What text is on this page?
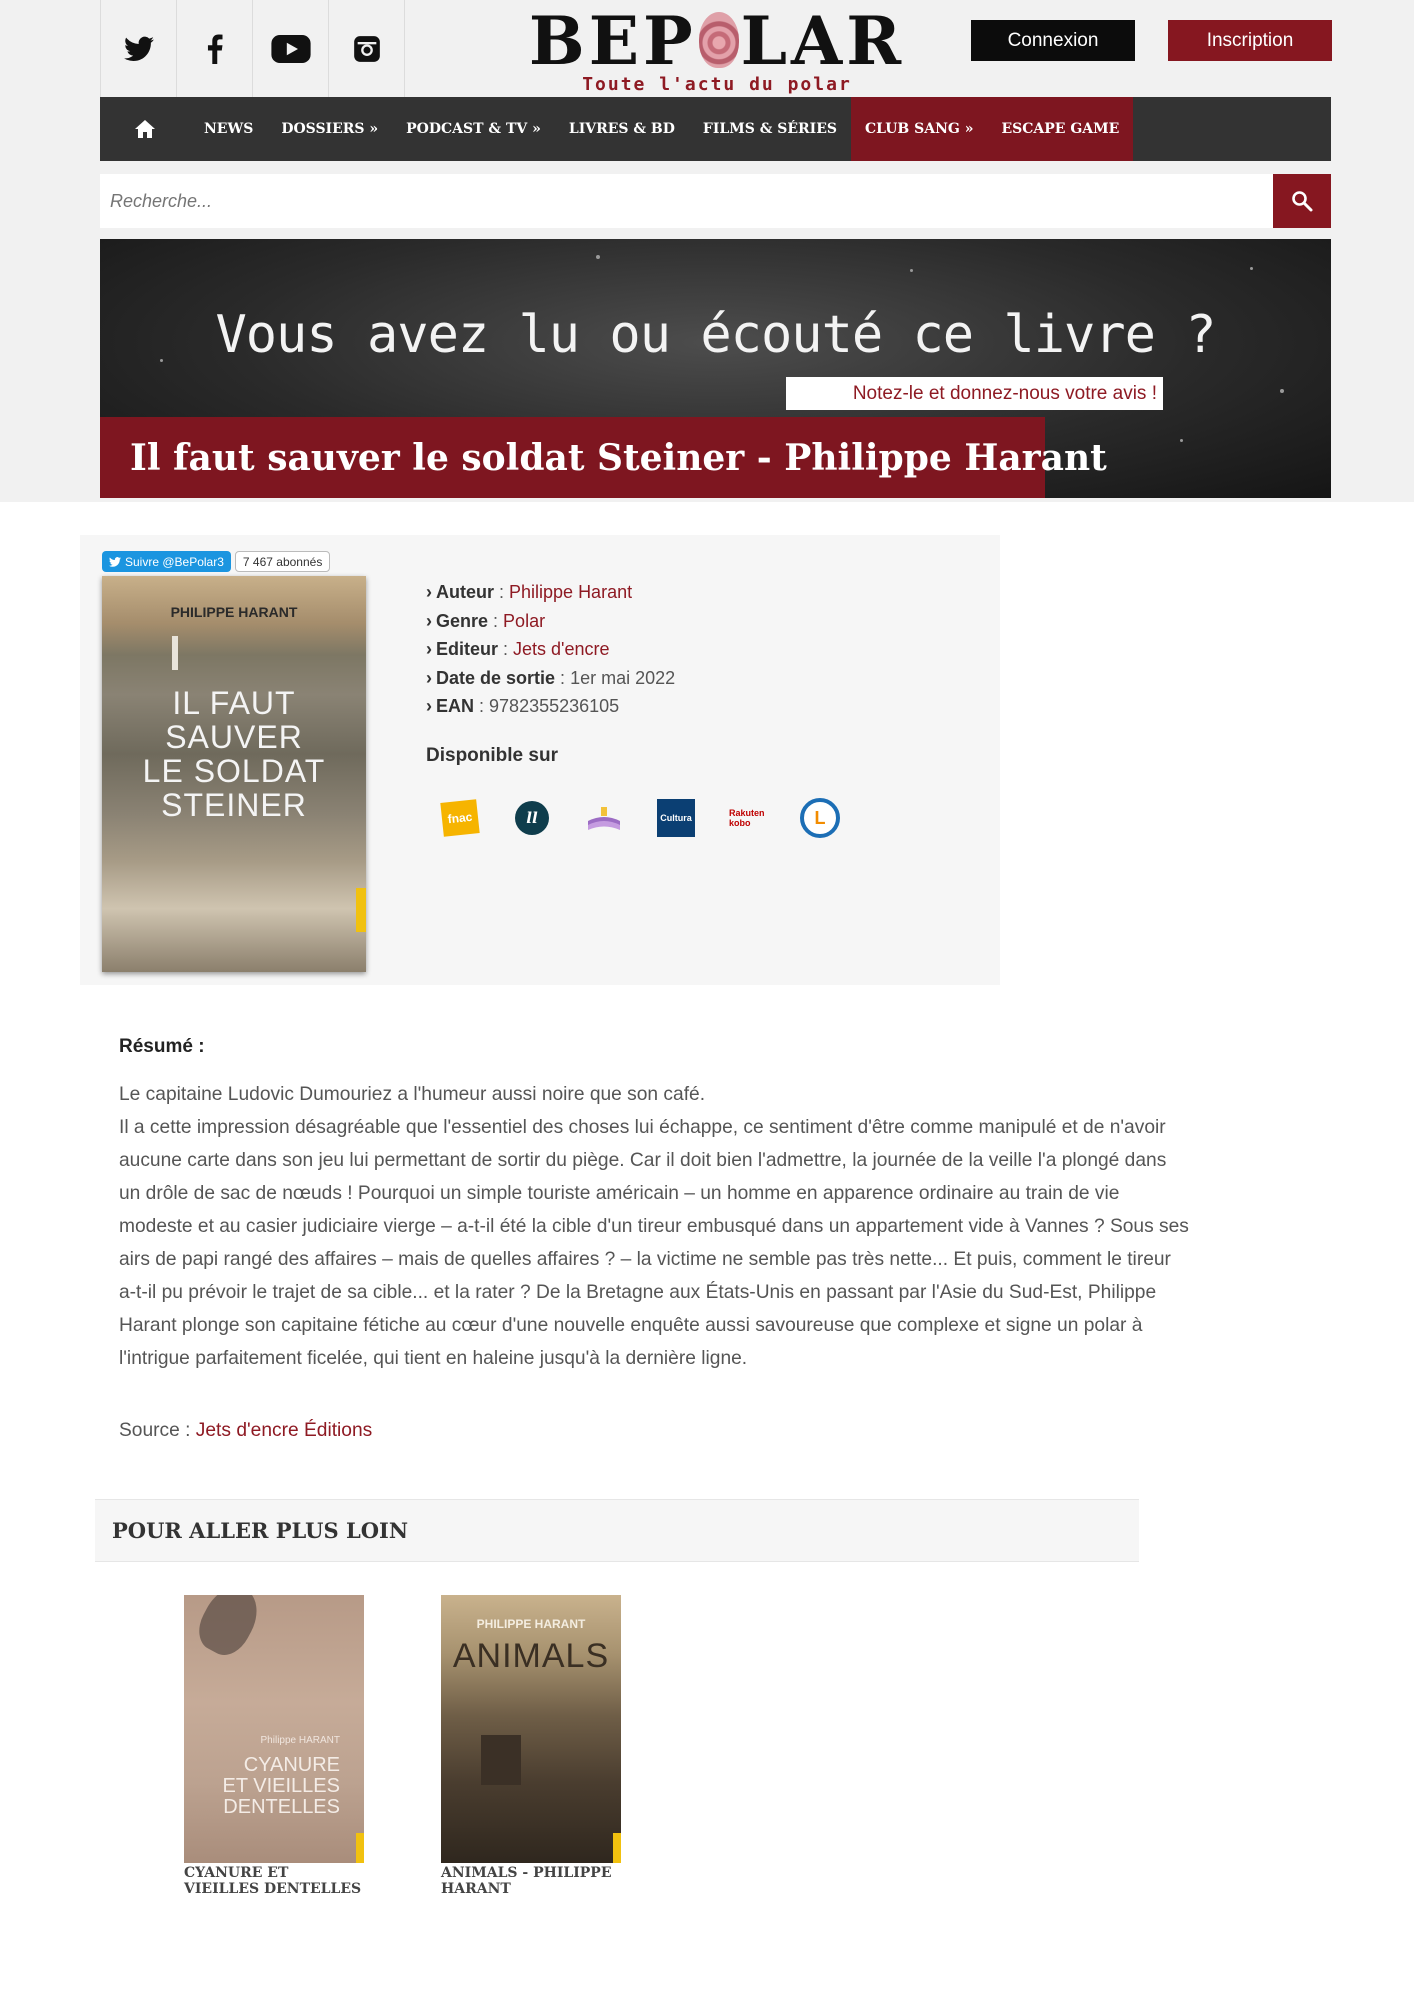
BEP LAR
Toute l'actu du polar
Connexion	Inscription
NEWS	DOSSIERS »	PODCAST & TV »	LIVRES & BD	FILMS & SÉRIES	CLUB SANG »	ESCAPE GAME
Recherche...
Vous avez lu ou écouté ce livre ?
Notez-le et donnez-nous votre avis !
Il faut sauver le soldat Steiner - Philippe Harant
Suivre @BePolar3	7 467 abonnés
PHILIPPE HARANT
IL FAUT
SAUVER
LE SOLDAT
STEINER
› Auteur : Philippe Harant
› Genre : Polar
› Editeur : Jets d'encre
› Date de sortie : 1er mai 2022
› EAN : 9782355236105
Disponible sur
fnac	ll	Cultura	Rakuten kobo	L
Résumé :

Le capitaine Ludovic Dumouriez a l'humeur aussi noire que son café.

Il a cette impression désagréable que l'essentiel des choses lui échappe, ce sentiment d'être comme manipulé et de n'avoir aucune carte dans son jeu lui permettant de sortir du piège. Car il doit bien l'admettre, la journée de la veille l'a plongé dans un drôle de sac de nœuds ! Pourquoi un simple touriste américain – un homme en apparence ordinaire au train de vie modeste et au casier judiciaire vierge – a-t-il été la cible d'un tireur embusqué dans un appartement vide à Vannes ? Sous ses airs de papi rangé des affaires – mais de quelles affaires ? – la victime ne semble pas très nette... Et puis, comment le tireur a-t-il pu prévoir le trajet de sa cible... et la rater ? De la Bretagne aux États-Unis en passant par l'Asie du Sud-Est, Philippe Harant plonge son capitaine fétiche au cœur d'une nouvelle enquête aussi savoureuse que complexe et signe un polar à l'intrigue parfaitement ficelée, qui tient en haleine jusqu'à la dernière ligne.

Source : Jets d'encre Éditions
POUR ALLER PLUS LOIN
Philippe HARANT
CYANURE
ET VIEILLES
DENTELLES
CYANURE ET VIEILLES DENTELLES
PHILIPPE HARANT
ANIMALS
ANIMALS - PHILIPPE HARANT
